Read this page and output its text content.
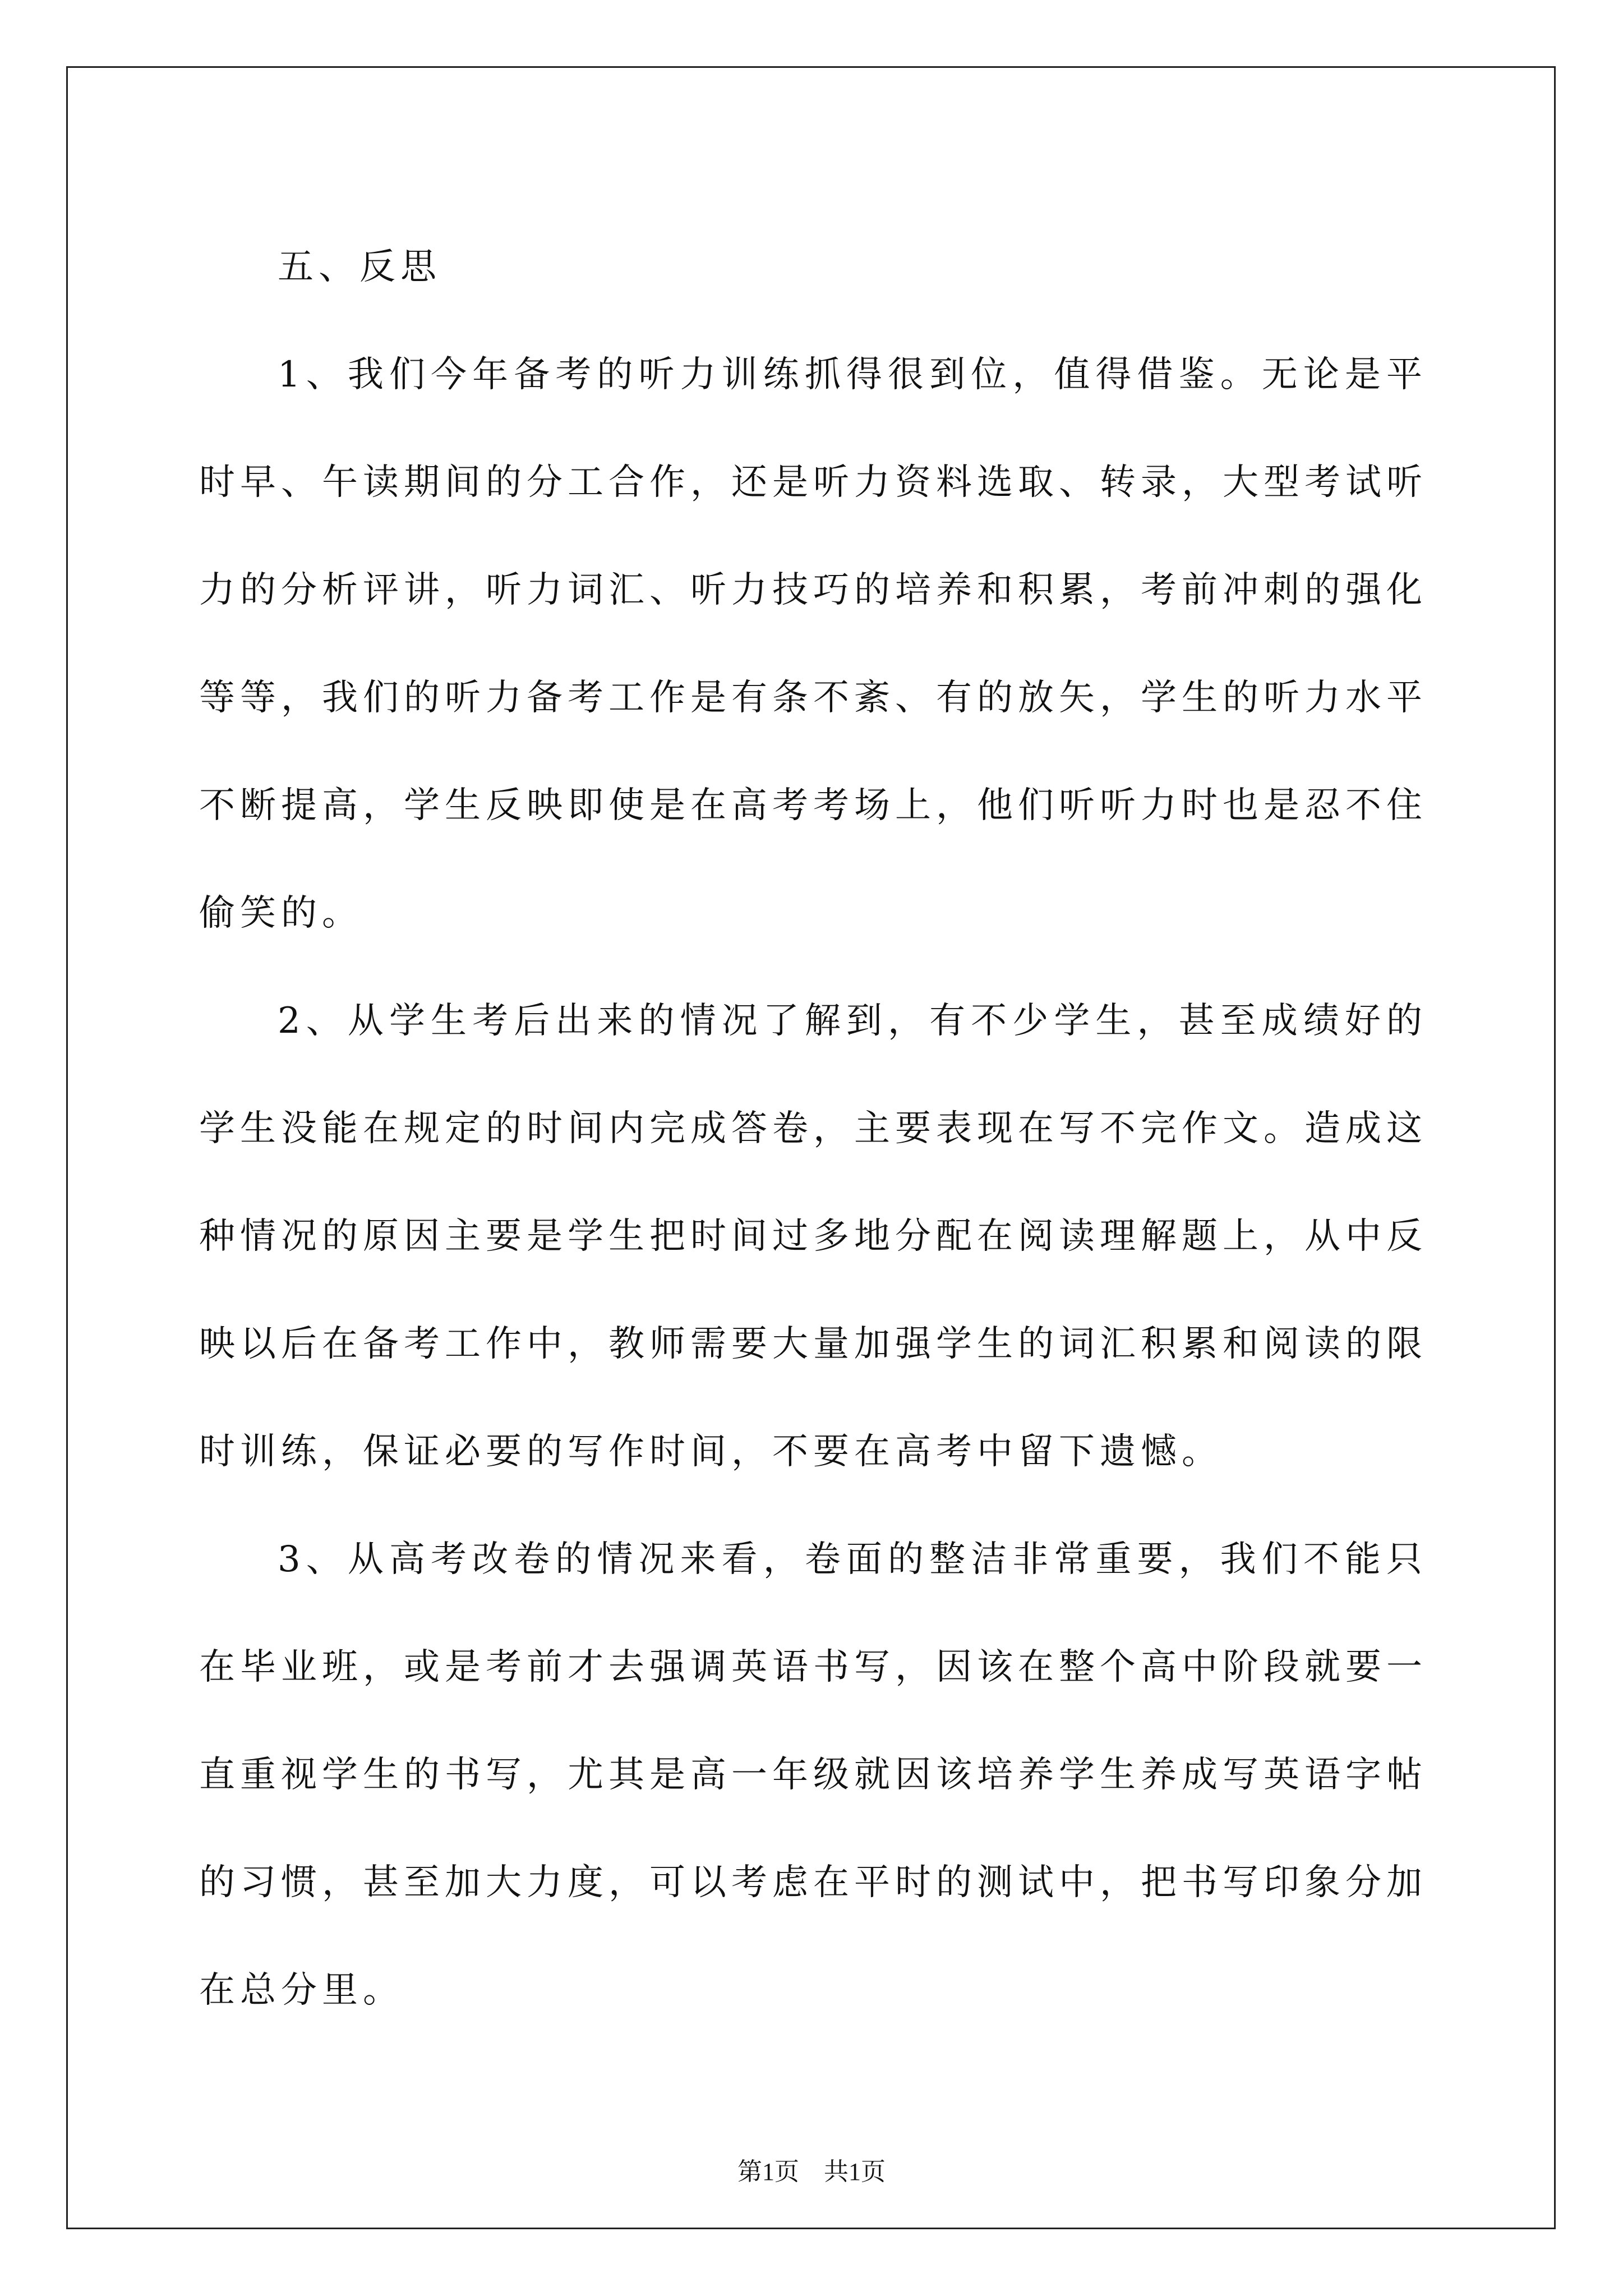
五、反思

1、我们今年备考的听力训练抓得很到位，值得借鉴。无论是平时早、午读期间的分工合作，还是听力资料选取、转录，大型考试听力的分析评讲，听力词汇、听力技巧的培养和积累，考前冲刺的强化等等，我们的听力备考工作是有条不紊、有的放矢，学生的听力水平不断提高，学生反映即使是在高考考场上，他们听听力时也是忍不住偷笑的。

2、从学生考后出来的情况了解到，有不少学生，甚至成绩好的学生没能在规定的时间内完成答卷，主要表现在写不完作文。造成这种情况的原因主要是学生把时间过多地分配在阅读理解题上，从中反映以后在备考工作中，教师需要大量加强学生的词汇积累和阅读的限时训练，保证必要的写作时间，不要在高考中留下遗憾。

3、从高考改卷的情况来看，卷面的整洁非常重要，我们不能只在毕业班，或是考前才去强调英语书写，因该在整个高中阶段就要一直重视学生的书写，尤其是高一年级就因该培养学生养成写英语字帖的习惯，甚至加大力度，可以考虑在平时的测试中，把书写印象分加在总分里。

第1页　共1页
